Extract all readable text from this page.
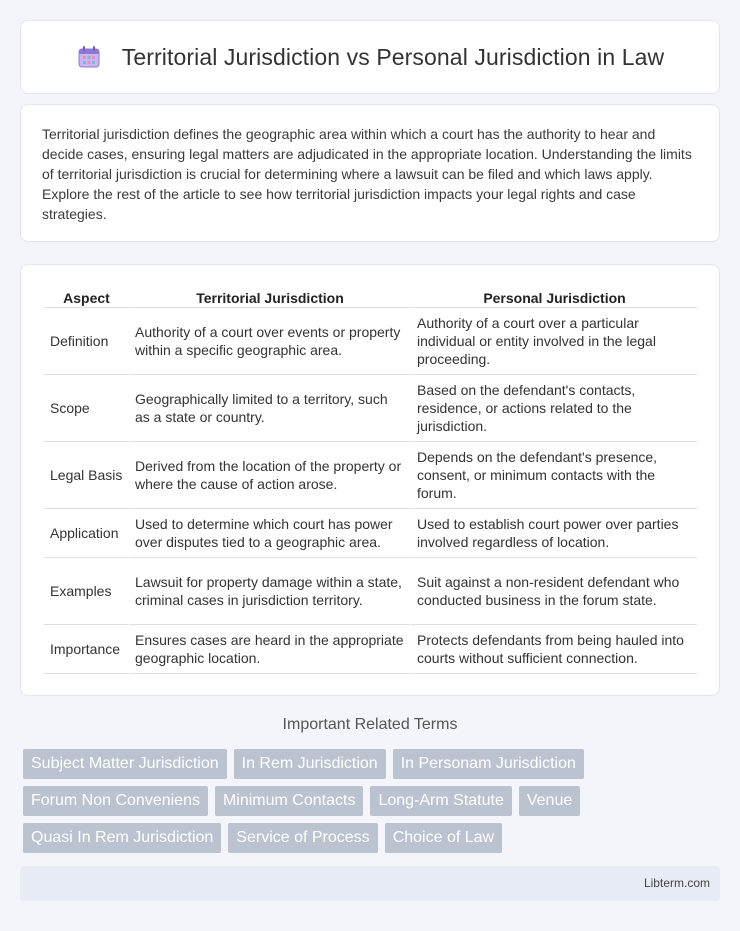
Territorial Jurisdiction vs Personal Jurisdiction in Law

Territorial jurisdiction defines the geographic area within which a court has the authority to hear and decide cases, ensuring legal matters are adjudicated in the appropriate location. Understanding the limits of territorial jurisdiction is crucial for determining where a lawsuit can be filed and which laws apply. Explore the rest of the article to see how territorial jurisdiction impacts your legal rights and case strategies.

Aspect	Territorial Jurisdiction	Personal Jurisdiction
Definition	Authority of a court over events or property within a specific geographic area.	Authority of a court over a particular individual or entity involved in the legal proceeding.
Scope	Geographically limited to a territory, such as a state or country.	Based on the defendant's contacts, residence, or actions related to the jurisdiction.
Legal Basis	Derived from the location of the property or where the cause of action arose.	Depends on the defendant's presence, consent, or minimum contacts with the forum.
Application	Used to determine which court has power over disputes tied to a geographic area.	Used to establish court power over parties involved regardless of location.
Examples	Lawsuit for property damage within a state, criminal cases in jurisdiction territory.	Suit against a non-resident defendant who conducted business in the forum state.
Importance	Ensures cases are heard in the appropriate geographic location.	Protects defendants from being hauled into courts without sufficient connection.
Important Related Terms
Subject Matter Jurisdiction	In Rem Jurisdiction	In Personam Jurisdiction
Forum Non Conveniens	Minimum Contacts	Long-Arm Statute	Venue
Quasi In Rem Jurisdiction	Service of Process	Choice of Law
Libterm.com
